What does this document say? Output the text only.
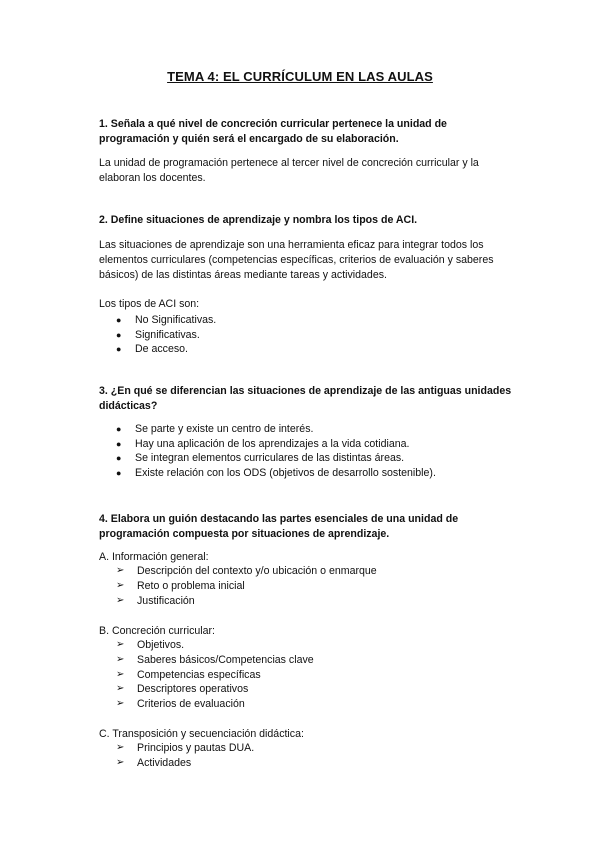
TEMA 4: EL CURRÍCULUM EN LAS AULAS
1. Señala a qué nivel de concreción curricular pertenece la unidad de programación y quién será el encargado de su elaboración.
La unidad de programación pertenece al tercer nivel de concreción curricular y la elaboran los docentes.
2. Define situaciones de aprendizaje y nombra los tipos de ACI.
Las situaciones de aprendizaje son una herramienta eficaz para integrar todos los elementos curriculares (competencias específicas, criterios de evaluación y saberes básicos) de las distintas áreas mediante tareas y actividades.
Los tipos de ACI son:
● No Significativas.
● Significativas.
● De acceso.
3. ¿En qué se diferencian las situaciones de aprendizaje de las antiguas unidades didácticas?
● Se parte y existe un centro de interés.
● Hay una aplicación de los aprendizajes a la vida cotidiana.
● Se integran elementos curriculares de las distintas áreas.
● Existe relación con los ODS (objetivos de desarrollo sostenible).
4. Elabora un guión destacando las partes esenciales de una unidad de programación compuesta por situaciones de aprendizaje.
A. Información general:
➢ Descripción del contexto y/o ubicación o enmarque
➢ Reto o problema inicial
➢ Justificación
B. Concreción curricular:
➢ Objetivos.
➢ Saberes básicos/Competencias clave
➢ Competencias específicas
➢ Descriptores operativos
➢ Criterios de evaluación
C. Transposición y secuenciación didáctica:
➢ Principios y pautas DUA.
➢ Actividades
